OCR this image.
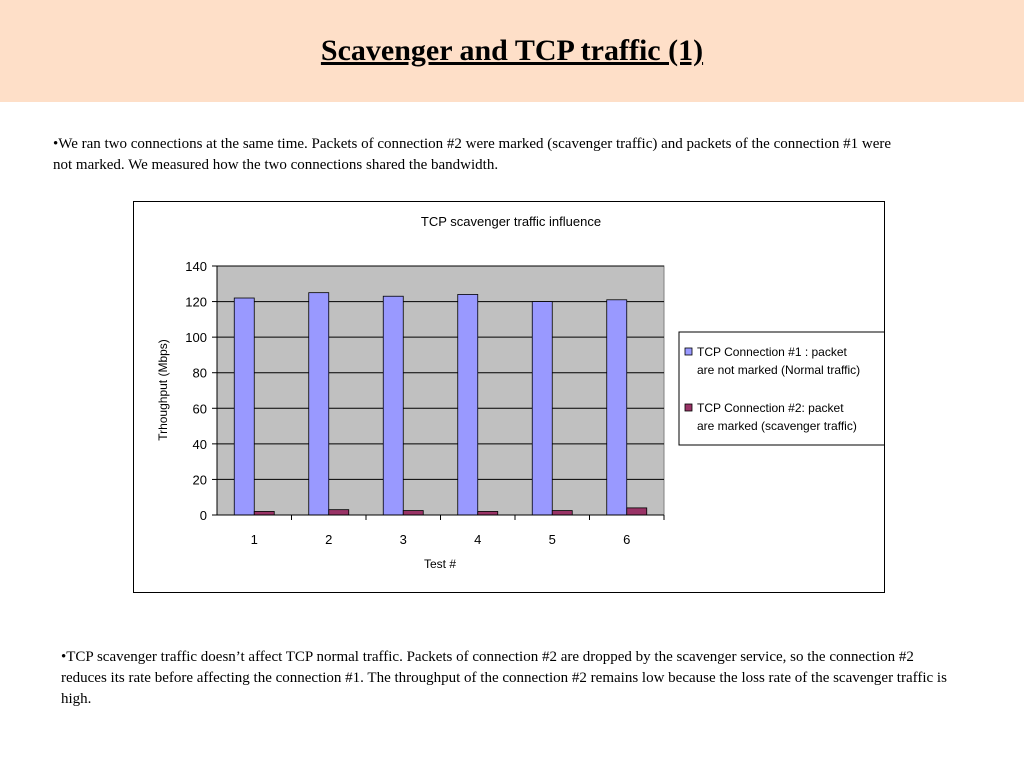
Scavenger and TCP traffic (1)
•We ran two connections at the same time. Packets of connection #2 were marked (scavenger traffic) and packets of the connection #1 were not marked. We measured how the two connections shared the bandwidth.
TCP scavenger traffic influence
0
20
40
60
80
100
120
140
1	2	3	4	5	6
Trhoughput (Mbps)
Test #
TCP Connection #1 : packet
are not marked (Normal traffic)
TCP Connection #2: packet
are marked (scavenger traffic)
•TCP scavenger traffic doesn’t affect TCP normal traffic. Packets of connection #2 are dropped by the scavenger service, so the connection #2 reduces its rate before affecting the connection #1. The throughput of the connection #2 remains low because the loss rate of the scavenger traffic is high.
